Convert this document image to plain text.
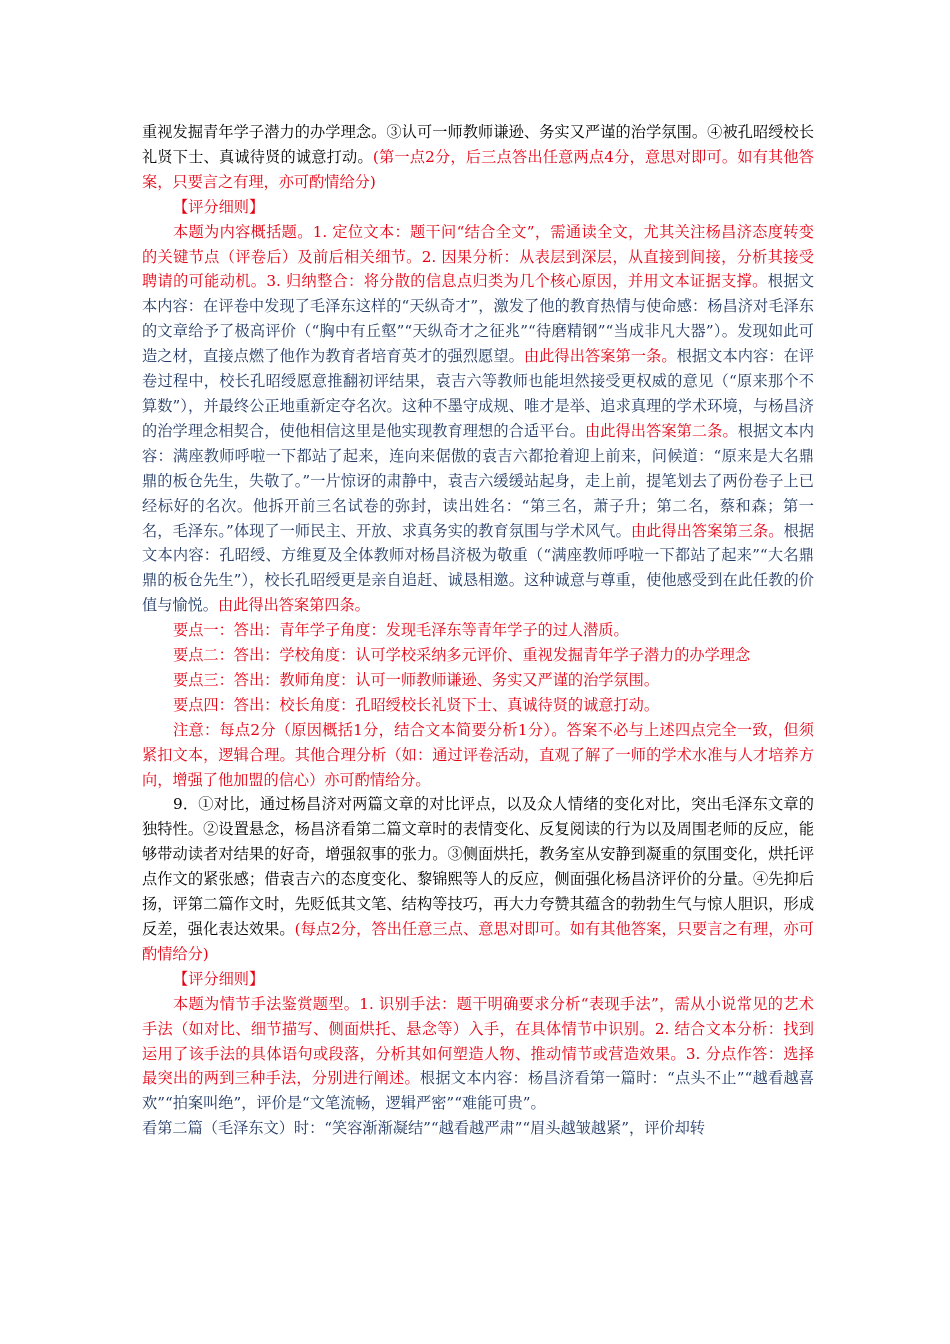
重视发掘青年学子潜力的办学理念。③认可一师教师谦逊、务实又严谨的治学氛围。④被孔昭绶校长礼贤下士、真诚待贤的诚意打动。(第一点2分，后三点答出任意两点4分，意思对即可。如有其他答案，只要言之有理，亦可酌情给分)

【评分细则】

本题为内容概括题。1. 定位文本：题干问“结合全文”，需通读全文，尤其关注杨昌济态度转变的关键节点（评卷后）及前后相关细节。2. 因果分析：从表层到深层，从直接到间接，分析其接受聘请的可能动机。3. 归纳整合：将分散的信息点归类为几个核心原因，并用文本证据支撑。根据文本内容：在评卷中发现了毛泽东这样的“天纵奇才”，激发了他的教育热情与使命感：杨昌济对毛泽东的文章给予了极高评价（“胸中有丘壑”“天纵奇才之征兆”“待磨精钢”“当成非凡大器”）。发现如此可造之材，直接点燃了他作为教育者培育英才的强烈愿望。由此得出答案第一条。根据文本内容：在评卷过程中，校长孔昭绶愿意推翻初评结果，袁吉六等教师也能坦然接受更权威的意见（“原来那个不算数”），并最终公正地重新定夺名次。这种不墨守成规、唯才是举、追求真理的学术环境，与杨昌济的治学理念相契合，使他相信这里是他实现教育理想的合适平台。由此得出答案第二条。根据文本内容：满座教师呼啦一下都站了起来，连向来倨傲的袁吉六都抢着迎上前来，问候道：“原来是大名鼎鼎的板仓先生，失敬了。”一片惊讶的肃静中，袁吉六缓缓站起身，走上前，提笔划去了两份卷子上已经标好的名次。他拆开前三名试卷的弥封，读出姓名：“第三名，萧子升；第二名，蔡和森；第一名，毛泽东。”体现了一师民主、开放、求真务实的教育氛围与学术风气。由此得出答案第三条。根据文本内容：孔昭绶、方维夏及全体教师对杨昌济极为敬重（“满座教师呼啦一下都站了起来”“大名鼎鼎的板仓先生”），校长孔昭绶更是亲自追赶、诚恳相邀。这种诚意与尊重，使他感受到在此任教的价值与愉悦。由此得出答案第四条。

要点一：答出：青年学子角度：发现毛泽东等青年学子的过人潜质。

要点二：答出：学校角度：认可学校采纳多元评价、重视发掘青年学子潜力的办学理念

要点三：答出：教师角度：认可一师教师谦逊、务实又严谨的治学氛围。

要点四：答出：校长角度：孔昭绶校长礼贤下士、真诚待贤的诚意打动。

注意：每点2分（原因概括1分，结合文本简要分析1分）。答案不必与上述四点完全一致，但须紧扣文本，逻辑合理。其他合理分析（如：通过评卷活动，直观了解了一师的学术水准与人才培养方向，增强了他加盟的信心）亦可酌情给分。

9．①对比，通过杨昌济对两篇文章的对比评点，以及众人情绪的变化对比，突出毛泽东文章的独特性。②设置悬念，杨昌济看第二篇文章时的表情变化、反复阅读的行为以及周围老师的反应，能够带动读者对结果的好奇，增强叙事的张力。③侧面烘托，教务室从安静到凝重的氛围变化，烘托评点作文的紧张感；借袁吉六的态度变化、黎锦熙等人的反应，侧面强化杨昌济评价的分量。④先抑后扬，评第二篇作文时，先贬低其文笔、结构等技巧，再大力夸赞其蕴含的勃勃生气与惊人胆识，形成反差，强化表达效果。(每点2分，答出任意三点、意思对即可。如有其他答案，只要言之有理，亦可酌情给分)

【评分细则】

本题为情节手法鉴赏题型。1. 识别手法：题干明确要求分析“表现手法”，需从小说常见的艺术手法（如对比、细节描写、侧面烘托、悬念等）入手，在具体情节中识别。2. 结合文本分析：找到运用了该手法的具体语句或段落，分析其如何塑造人物、推动情节或营造效果。3. 分点作答：选择最突出的两到三种手法，分别进行阐述。根据文本内容：杨昌济看第一篇时：“点头不止”“越看越喜欢”“拍案叫绝”，评价是“文笔流畅，逻辑严密”“难能可贵”。

看第二篇（毛泽东文）时：“笑容渐渐凝结”“越看越严肃”“眉头越皱越紧”，评价却转
